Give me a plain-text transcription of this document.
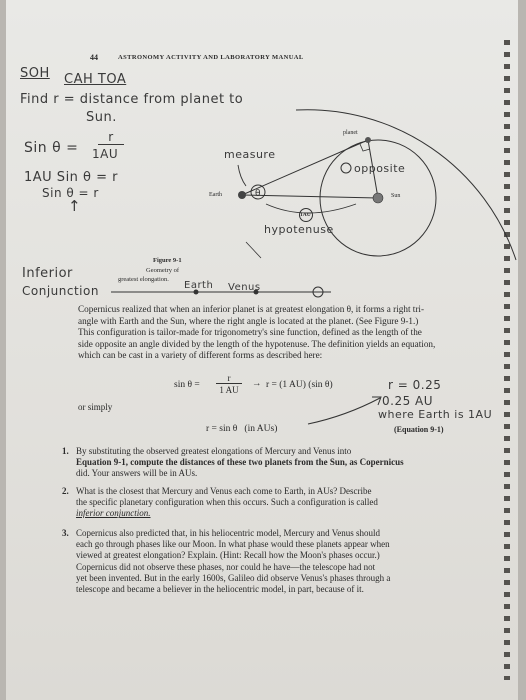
44	ASTRONOMY ACTIVITY AND LABORATORY MANUAL
SOH CAH TOA
Find r = distance from planet to
Sun.
Sin θ =
r
1AU
1AU Sin θ = r
Sin θ = r
↑
θ
planet
Earth	Sun
1AU
measure
opposite
hypotenuse
Figure 9-1
Geometry of
greatest elongation.
Inferior
Conjunction	Earth Venus
Copernicus realized that when an inferior planet is at greatest elongation θ, it forms a right tri-
angle with Earth and the Sun, where the right angle is located at the planet. (See Figure 9-1.)
This configuration is tailor-made for trigonometry's sine function, defined as the length of the
side opposite an angle divided by the length of the hypotenuse. The definition yields an equation,
which can be cast in a variety of different forms as described here:
sin θ =
r
1 AU
→ r = (1 AU) (sin θ)	r = 0.25
0.25 AU
where Earth is 1AU
or simply
r = sin θ   (in AUs)	(Equation 9-1)
1. By substituting the observed greatest elongations of Mercury and Venus into
Equation 9-1, compute the distances of these two planets from the Sun, as Copernicus
did. Your answers will be in AUs.
2. What is the closest that Mercury and Venus each come to Earth, in AUs? Describe
the specific planetary configuration when this occurs. Such a configuration is called
inferior conjunction.
3. Copernicus also predicted that, in his heliocentric model, Mercury and Venus should
each go through phases like our Moon. In what phase would these planets appear when
viewed at greatest elongation? Explain. (Hint: Recall how the Moon's phases occur.)
Copernicus did not observe these phases, nor could he have—the telescope had not
yet been invented. But in the early 1600s, Galileo did observe Venus's phases through a
telescope and became a believer in the heliocentric model, in part, because of it.
